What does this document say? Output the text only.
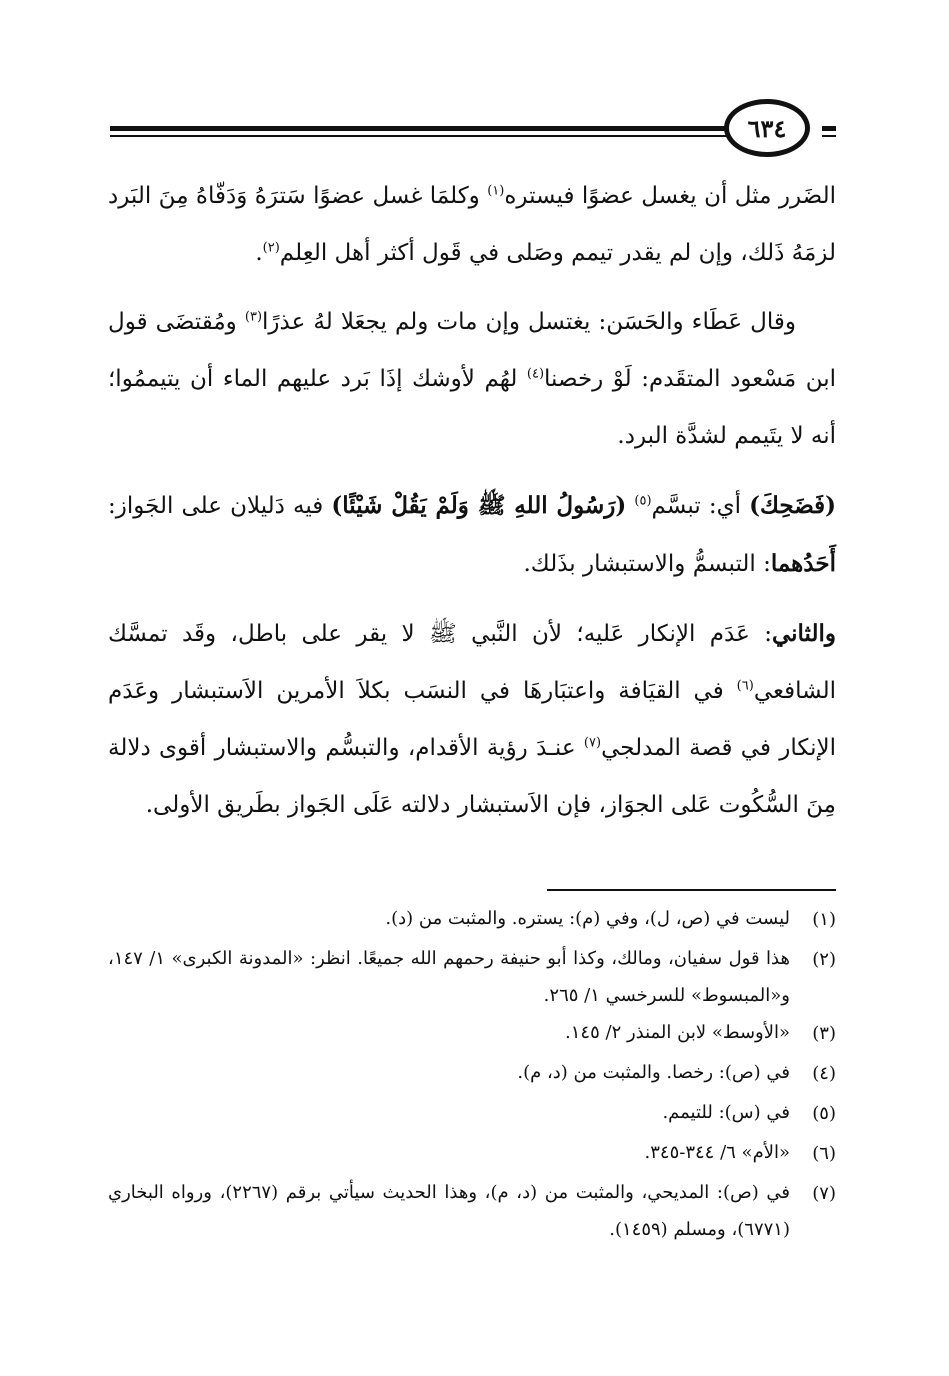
٦٣٤

الضَرر مثل أن يغسل عضوًا فيستره$^{(١)}$ وكلمَا غسل عضوًا سَترَهُ وَدَفّاهُ مِنَ البَرد لزمَهُ ذَلك، وإن لم يقدر تيمم وصَلى في قَول أكثر أهل العِلم$^{(٢)}$.

وقال عَطَاء والحَسَن: يغتسل وإن مات ولم يجعَلا لهُ عذرًا$^{(٣)}$ ومُقتضَى قول ابن مَسْعود المتقَدم: لَوْ رخصنا$^{(٤)}$ لهُم لأوشك إذَا بَرد عليهم الماء أن يتيممُوا؛ أنه لا يتَيمم لشدَّة البرد.

(فَضَحِكَ) أي: تبسَّم$^{(٥)}$ (رَسُولُ اللهِ ﷺ وَلَمْ يَقُلْ شَيْئًا) فيه دَليلان على الجَواز: أَحَدُهما: التبسمُّ والاستبشار بذَلك.

والثاني: عَدَم الإنكار عَليه؛ لأن النَّبي ﷺ لا يقر على باطل، وقَد تمسَّك الشافعي$^{(٦)}$ في القيَافة واعتبَارهَا في النسَب بكلاَ الأمرين الاَستبشار وعَدَم الإنكار في قصة المدلجي$^{(٧)}$ عنـدَ رؤية الأقدام، والتبسُّم والاستبشار أقوى دلالة مِنَ السُّكُوت عَلى الجوَاز، فإن الاَستبشار دلالته عَلَى الجَواز بطَريق الأولى.

(١)
ليست في (ص، ل)، وفي (م): يستره. والمثبت من (د).
(٢)
هذا قول سفيان، ومالك، وكذا أبو حنيفة رحمهم الله جميعًا. انظر: «المدونة الكبرى» ١/ ١٤٧، و«المبسوط» للسرخسي ١/ ٢٦٥.
(٣)
«الأوسط» لابن المنذر ٢/ ١٤٥.
(٤)
في (ص): رخصا. والمثبت من (د، م).
(٥)
في (س): للتيمم.
(٦)
«الأم» ٦/ ٣٤٤-٣٤٥.
(٧)
في (ص): المديحي، والمثبت من (د، م)، وهذا الحديث سيأتي برقم (٢٢٦٧)، ورواه البخاري (٦٧٧١)، ومسلم (١٤٥٩).
